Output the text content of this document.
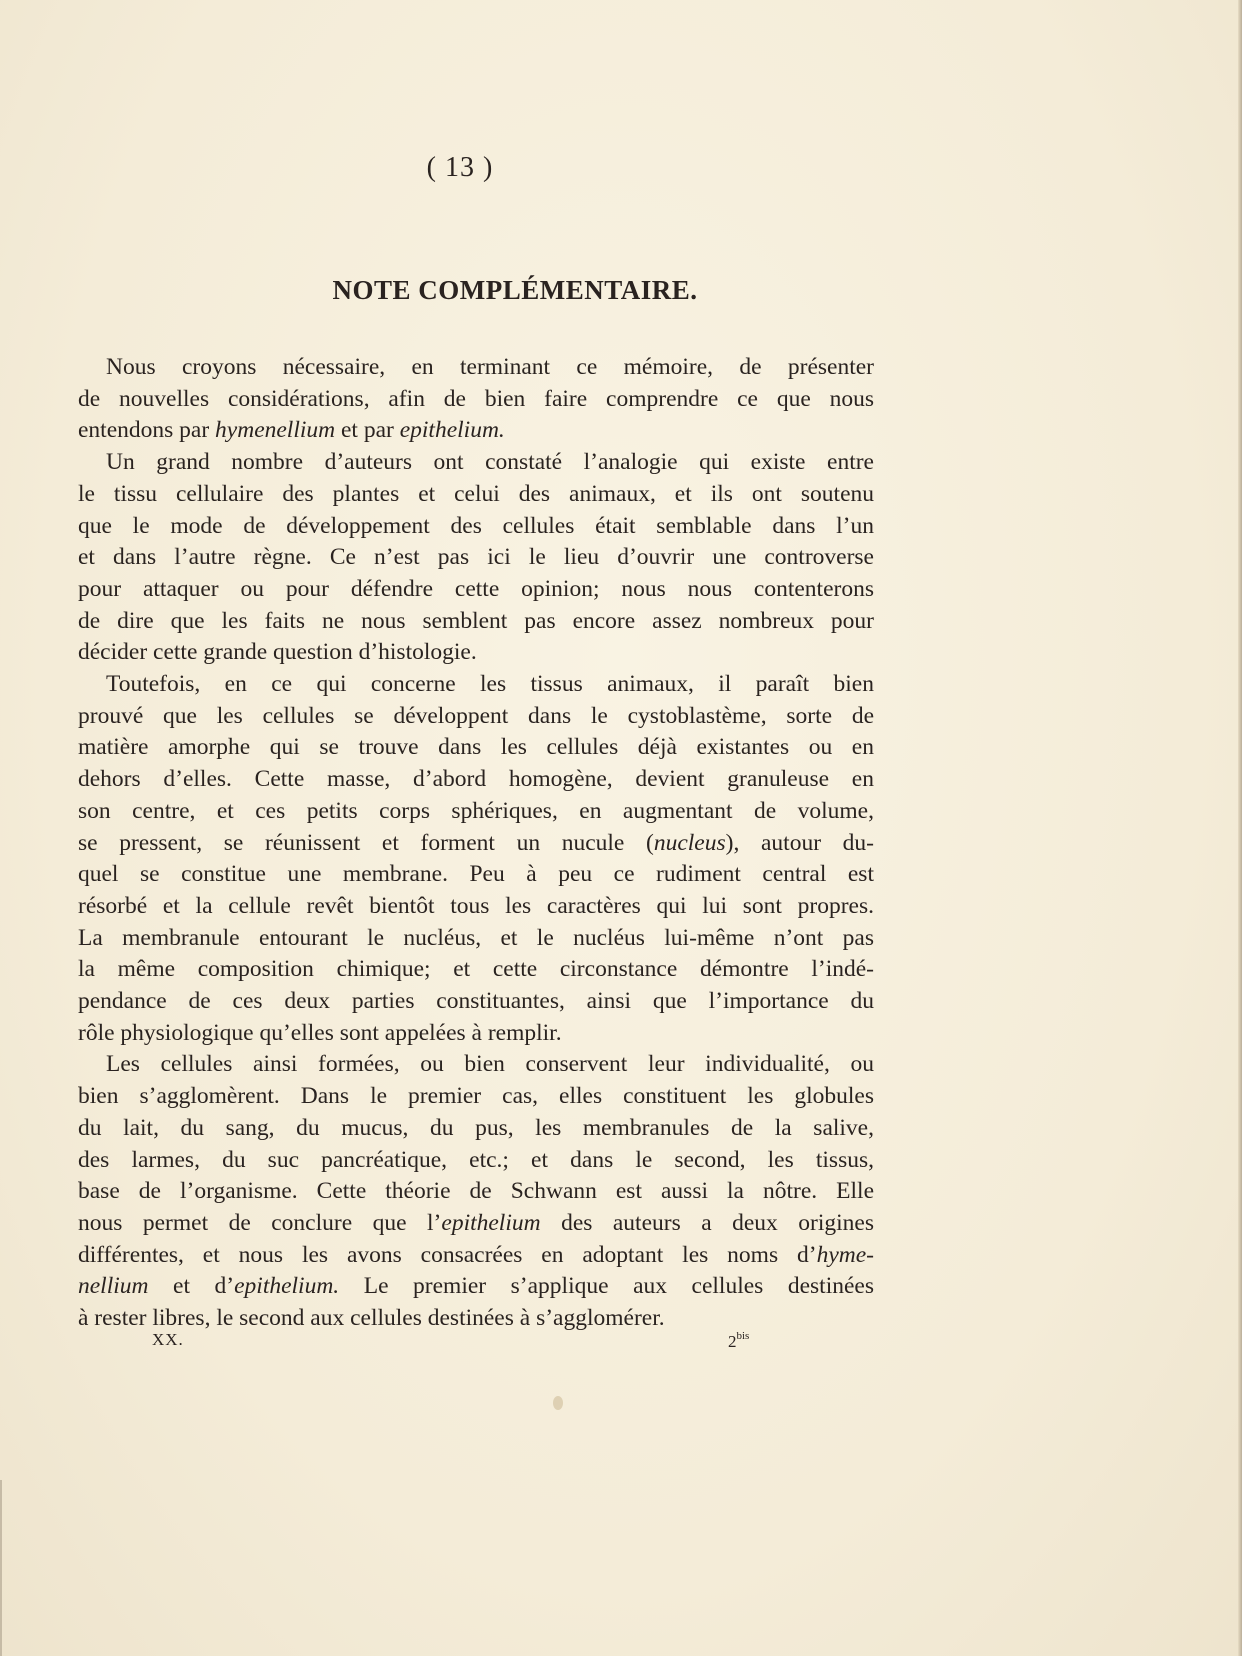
( 13 )
NOTE COMPLÉMENTAIRE.
Nous croyons nécessaire, en terminant ce mémoire, de présenter
de nouvelles considérations, afin de bien faire comprendre ce que nous
entendons par hymenellium et par epithelium.
Un grand nombre d’auteurs ont constaté l’analogie qui existe entre
le tissu cellulaire des plantes et celui des animaux, et ils ont soutenu
que le mode de développement des cellules était semblable dans l’un
et dans l’autre règne. Ce n’est pas ici le lieu d’ouvrir une controverse
pour attaquer ou pour défendre cette opinion; nous nous contenterons
de dire que les faits ne nous semblent pas encore assez nombreux pour
décider cette grande question d’histologie.
Toutefois, en ce qui concerne les tissus animaux, il paraît bien
prouvé que les cellules se développent dans le cystoblastème, sorte de
matière amorphe qui se trouve dans les cellules déjà existantes ou en
dehors d’elles. Cette masse, d’abord homogène, devient granuleuse en
son centre, et ces petits corps sphériques, en augmentant de volume,
se pressent, se réunissent et forment un nucule (nucleus), autour du-
quel se constitue une membrane. Peu à peu ce rudiment central est
résorbé et la cellule revêt bientôt tous les caractères qui lui sont propres.
La membranule entourant le nucléus, et le nucléus lui-même n’ont pas
la même composition chimique; et cette circonstance démontre l’indé-
pendance de ces deux parties constituantes, ainsi que l’importance du
rôle physiologique qu’elles sont appelées à remplir.
Les cellules ainsi formées, ou bien conservent leur individualité, ou
bien s’agglomèrent. Dans le premier cas, elles constituent les globules
du lait, du sang, du mucus, du pus, les membranules de la salive,
des larmes, du suc pancréatique, etc.; et dans le second, les tissus,
base de l’organisme. Cette théorie de Schwann est aussi la nôtre. Elle
nous permet de conclure que l’epithelium des auteurs a deux origines
différentes, et nous les avons consacrées en adoptant les noms d’hyme-
nellium et d’epithelium. Le premier s’applique aux cellules destinées
à rester libres, le second aux cellules destinées à s’agglomérer.
XX.	$2^{bis}$
